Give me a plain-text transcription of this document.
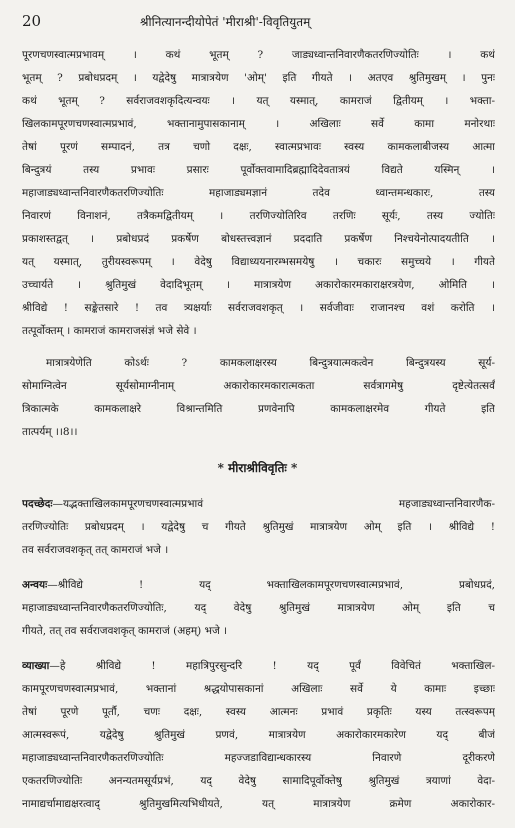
20	श्रीनित्यानन्दीयोपेतं 'मीराश्री'-विवृतियुतम्
पूरणचणस्वात्मप्रभावम् । कथं भूतम् ? जाड्यध्वान्तनिवारणैकतरणिज्योतिः । कथं
भूतम् ? प्रबोधप्रदम् । यद्वेदेषु मात्रात्रयेण 'ओम्' इति गीयते । अतएव श्रुतिमुखम् । पुनः
कथं भूतम् ? सर्वराजवशकृदित्यन्वयः । यत् यस्मात्, कामराजं द्वितीयम् । भक्ता-
खिलकामपूरणचणस्वात्मप्रभावं, भक्तानामुपासकानाम् । अखिलाः सर्वे कामा मनोरथाः
तेषां पूरणं सम्पादनं, तत्र चणो दक्षः, स्वात्मप्रभावः स्वस्य कामकलाबीजस्य आत्मा
बिन्दुत्रयं तस्य प्रभावः प्रसारः पूर्वोक्तवामादिब्रह्मादिदेवतात्रयं विद्यते यस्मिन् ।
महाजाड्यध्वान्तनिवारणैकतरणिज्योतिः महाजाड्यमज्ञानं तदेव ध्वान्तमन्धकारः, तस्य
निवारणं विनाशनं, तत्रैकमद्वितीयम् । तरणिज्योतिरिव तरणिः सूर्यः, तस्य ज्योतिः
प्रकाशस्तद्वत् । प्रबोधप्रदं प्रकर्षेण बोधस्तत्त्वज्ञानं प्रददाति प्रकर्षेण निश्चयेनोत्पादयतीति ।
यत् यस्मात्, तुरीयस्वरूपम् । वेदेषु विद्याध्ययनारम्भसमयेषु । चकारः समुच्चये । गीयते
उच्चार्यते । श्रुतिमुखं वेदादिभूतम् । मात्रात्रयेण अकारोकारमकाराक्षरत्रयेण, ओमिति ।
श्रीविद्ये ! सङ्केतसारे ! तव त्र्यक्षर्याः सर्वराजवशकृत् । सर्वजीवाः राजानश्च वशं करोति ।
तत्पूर्वोक्तम् । कामराजं कामराजसंज्ञं भजे सेवे ।
मात्रात्रयेणेति कोऽर्थः ? कामकलाक्षरस्य बिन्दुत्रयात्मकत्वेन बिन्दुत्रयस्य सूर्य-
सोमाग्नित्वेन सूर्यसोमाग्नीनाम् अकारोकारमकारात्मकता सर्वत्रागमेषु दृष्टेत्येतत्सर्वं
त्रिकात्मके कामकलाक्षरे विश्रान्तमिति प्रणवेनापि कामकलाक्षरमेव गीयते इति
तात्पर्यम् ।।8।।
* मीराश्रीविवृतिः *
पदच्छेदः—यद्भक्ताखिलकामपूरणचणस्वात्मप्रभावं महजाड्यध्वान्तनिवारणैक-
तरणिज्योतिः प्रबोधप्रदम् । यद्वेदेषु च गीयते श्रुतिमुखं मात्रात्रयेण ओम् इति । श्रीविद्ये !
तव सर्वराजवशकृत् तत् कामराजं भजे ।
अन्वयः—श्रीविद्ये ! यद् भक्ताखिलकामपूरणचणस्वात्मप्रभावं, प्रबोधप्रदं,
महाजाड्यध्वान्तनिवारणैकतरणिज्योतिः, यद् वेदेषु श्रुतिमुखं मात्रात्रयेण ओम् इति च
गीयते, तत् तव सर्वराजवशकृत् कामराजं (अहम्) भजे ।
व्याख्या—हे श्रीविद्ये ! महात्रिपुरसुन्दरि ! यद् पूर्वं विवेचितं भक्ताखिल-
कामपूरणचणस्वात्मप्रभावं, भक्तानां श्रद्धयोपासकानां अखिलाः सर्वे ये कामाः इच्छाः
तेषां पूरणे पूर्तौ, चणः दक्षः, स्वस्य आत्मनः प्रभावं प्रकृतिः यस्य तत्स्वरूपम्
आत्मस्वरूपं, यद्वेदेषु श्रुतिमुखं प्रणवं, मात्रात्रयेण अकारोकारमकारेण यद् बीजं
महाजाड्यध्वान्तनिवारणैकतरणिज्योतिः महज्जडाविद्यान्धकारस्य निवारणे दूरीकरणे
एकतरणिज्योतिः अनन्यतमसूर्यप्रभं, यद् वेदेषु सामादिपूर्वोक्तेषु श्रुतिमुखं त्रयाणां वेदा-
नामाद्यर्चामाद्यक्षरत्वाद् श्रुतिमुखमित्यभिधीयते, यत् मात्रात्रयेण क्रमेण अकारोकार-
